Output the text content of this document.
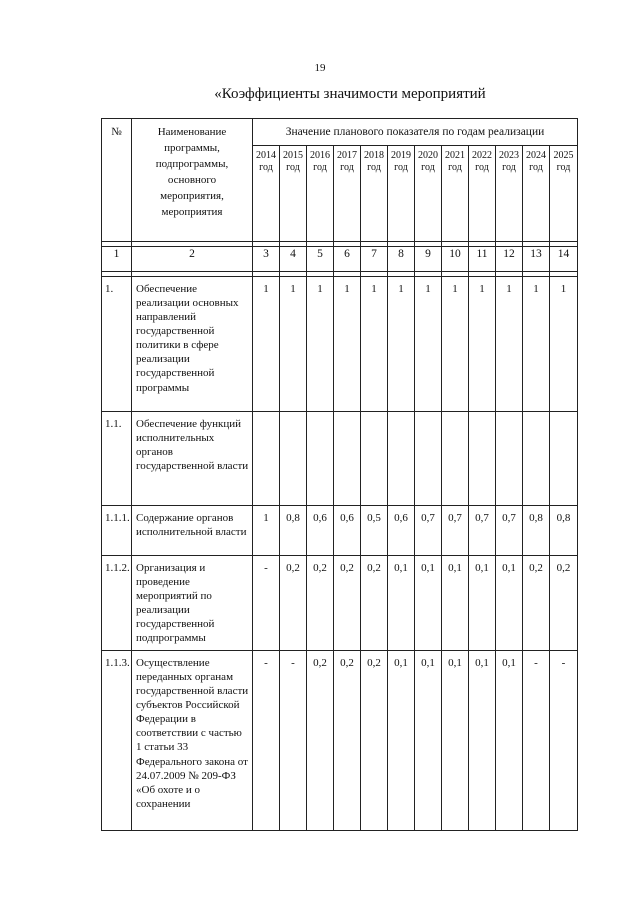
19
«Коэффициенты значимости мероприятий
№	Наименование программы, подпрограммы, основного мероприятия, мероприятия	Значение планового показателя по годам реализации											
		2014 год	2015 год	2016 год	2017 год	2018 год	2019 год	2020 год	2021 год	2022 год	2023 год	2024 год	2025 год

1	2	3	4	5	6	7	8	9	10	11	12	13	14

1.	Обеспечение реализации основных направлений государственной политики в сфере реализации государственной программы	1	1	1	1	1	1	1	1	1	1	1	1
1.1.	Обеспечение функций исполнительных органов государственной власти												
1.1.1.	Содержание органов исполнительной власти	1	0,8	0,6	0,6	0,5	0,6	0,7	0,7	0,7	0,7	0,8	0,8
1.1.2.	Организация и проведение мероприятий по реализации государственной подпрограммы	-	0,2	0,2	0,2	0,2	0,1	0,1	0,1	0,1	0,1	0,2	0,2
1.1.3.	Осуществление переданных органам государственной власти субъектов Российской Федерации в соответствии с частью 1 статьи 33 Федерального закона от 24.07.2009 № 209-ФЗ «Об охоте и о сохранении	-	-	0,2	0,2	0,2	0,1	0,1	0,1	0,1	0,1	-	-
